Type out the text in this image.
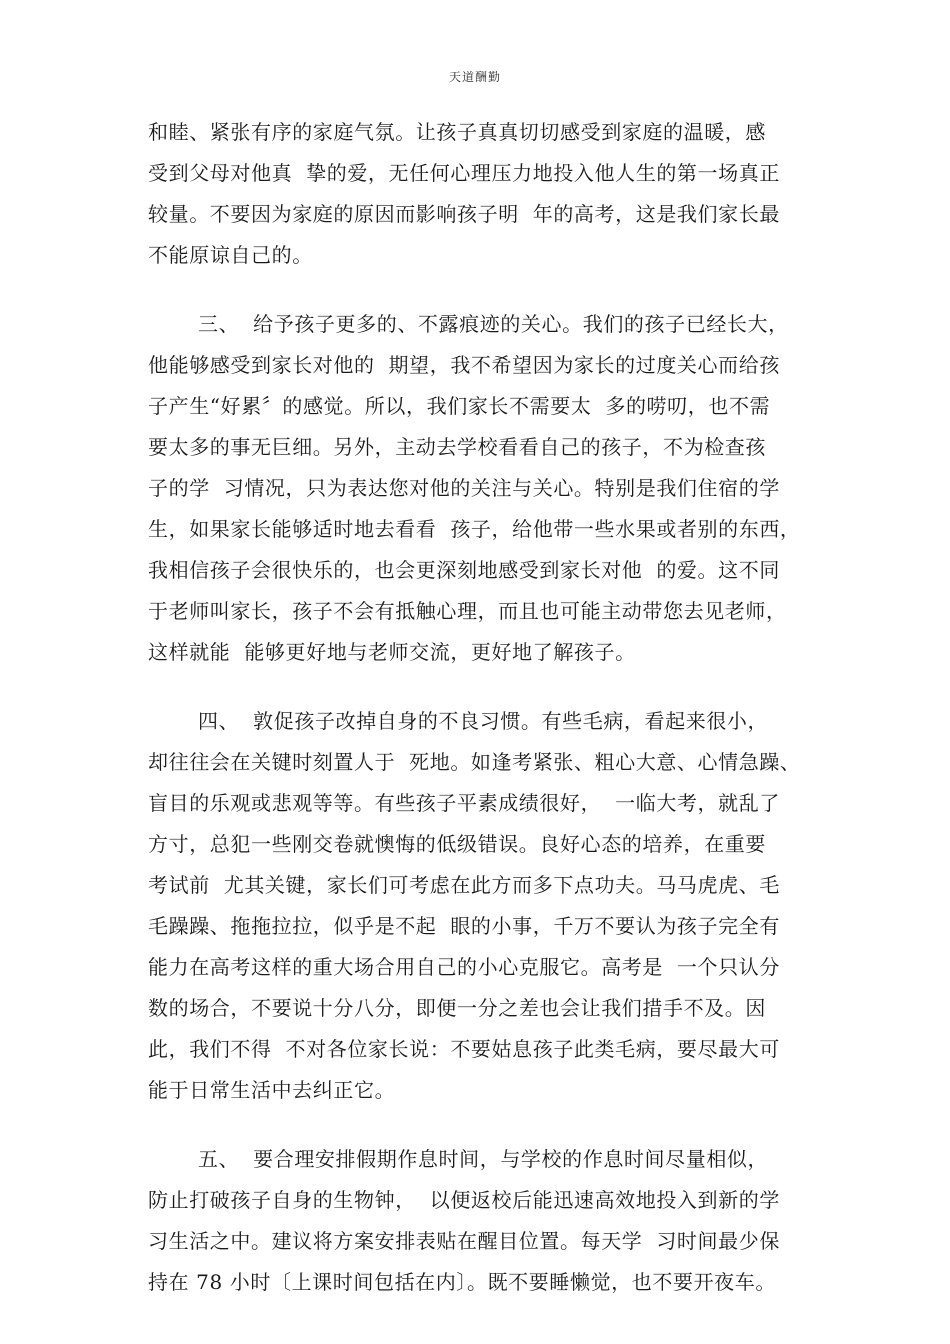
天道酬勤
和睦、紧张有序的家庭气氛。让孩子真真切切感受到家庭的温暖，感
受到父母对他真  挚的爱，无任何心理压力地投入他人生的第一场真正
较量。不要因为家庭的原因而影响孩子明  年的高考，这是我们家长最
不能原谅自己的。
三、  给予孩子更多的、不露痕迹的关心。我们的孩子已经长大，
他能够感受到家长对他的  期望，我不希望因为家长的过度关心而给孩
子产生“好累〞的感觉。所以，我们家长不需要太  多的唠叨，也不需
要太多的事无巨细。另外，主动去学校看看自己的孩子，不为检查孩
子的学  习情况，只为表达您对他的关注与关心。特别是我们住宿的学
生，如果家长能够适时地去看看  孩子，给他带一些水果或者别的东西，
我相信孩子会很快乐的，也会更深刻地感受到家长对他  的爱。这不同
于老师叫家长，孩子不会有抵触心理，而且也可能主动带您去见老师，
这样就能  能够更好地与老师交流，更好地了解孩子。
四、  敦促孩子改掉自身的不良习惯。有些毛病，看起来很小，
却往往会在关键时刻置人于  死地。如逢考紧张、粗心大意、心情急躁、
盲目的乐观或悲观等等。有些孩子平素成绩很好，  一临大考，就乱了
方寸，总犯一些刚交卷就懊悔的低级错误。良好心态的培养，在重要
考试前  尤其关键，家长们可考虑在此方而多下点功夫。马马虎虎、毛
毛躁躁、拖拖拉拉，似乎是不起  眼的小事，千万不要认为孩子完全有
能力在高考这样的重大场合用自己的小心克服它。高考是  一个只认分
数的场合，不要说十分八分，即便一分之差也会让我们措手不及。因
此，我们不得  不对各位家长说：不要姑息孩子此类毛病，要尽最大可
能于日常生活中去纠正它。
五、  要合理安排假期作息时间，与学校的作息时间尽量相似，
防止打破孩子自身的生物钟，  以便返校后能迅速高效地投入到新的学
习生活之中。建议将方案安排表贴在醒目位置。每天学  习时间最少保
持在 78 小时〔上课时间包括在内〕。既不要睡懒觉，也不要开夜车。
